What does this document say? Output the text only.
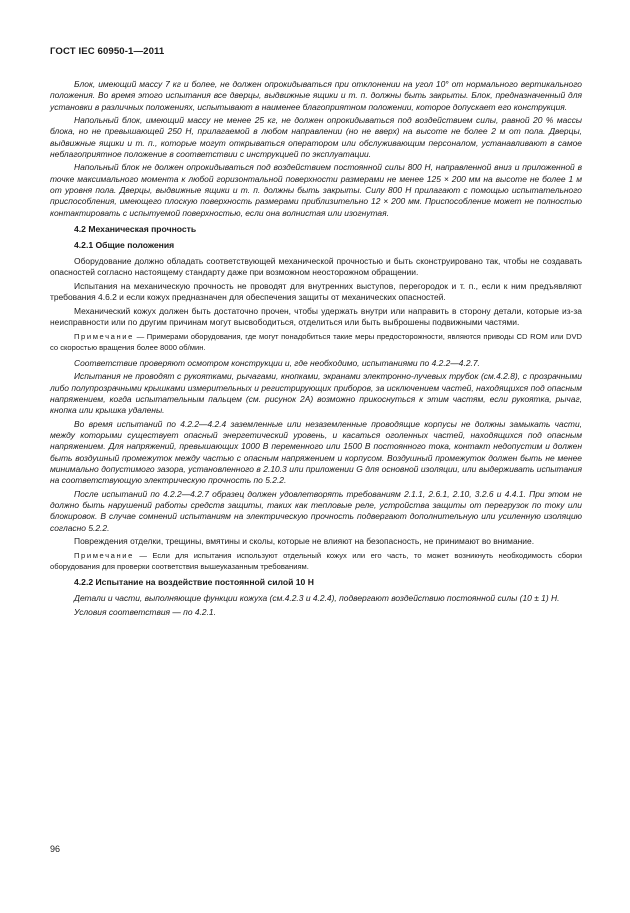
ГОСТ IEC 60950-1—2011

Блок, имеющий массу 7 кг и более, не должен опрокидываться при отклонении на угол 10° от нормального вертикального положения. Во время этого испытания все дверцы, выдвижные ящики и т. п. должны быть закрыты. Блок, предназначенный для установки в различных положениях, испытывают в наименее благоприятном положении, которое допускает его конструкция.

Напольный блок, имеющий массу не менее 25 кг, не должен опрокидываться под воздействием силы, равной 20 % массы блока, но не превышающей 250 Н, прилагаемой в любом направлении (но не вверх) на высоте не более 2 м от пола. Дверцы, выдвижные ящики и т. п., которые могут открываться оператором или обслуживающим персоналом, устанавливают в самое неблагоприятное положение в соответствии с инструкцией по эксплуатации.

Напольный блок не должен опрокидываться под воздействием постоянной силы 800 Н, направленной вниз и приложенной в точке максимального момента к любой горизонтальной поверхности размерами не менее 125 × 200 мм на высоте не более 1 м от уровня пола. Дверцы, выдвижные ящики и т. п. должны быть закрыты. Силу 800 Н прилагают с помощью испытательного приспособления, имеющего плоскую поверхность размерами приблизительно 12 × 200 мм. Приспособление может не полностью контактировать с испытуемой поверхностью, если она волнистая или изогнутая.

4.2 Механическая прочность
4.2.1 Общие положения

Оборудование должно обладать соответствующей механической прочностью и быть сконструировано так, чтобы не создавать опасностей согласно настоящему стандарту даже при возможном неосторожном обращении.

Испытания на механическую прочность не проводят для внутренних выступов, перегородок и т. п., если к ним предъявляют требования 4.6.2 и если кожух предназначен для обеспечения защиты от механических опасностей.

Механический кожух должен быть достаточно прочен, чтобы удержать внутри или направить в сторону детали, которые из-за неисправности или по другим причинам могут высвободиться, отделиться или быть выброшены подвижными частями.

Примечание — Примерами оборудования, где могут понадобиться такие меры предосторожности, являются приводы CD ROM или DVD со скоростью вращения более 8000 об/мин.

Соответствие проверяют осмотром конструкции и, где необходимо, испытаниями по 4.2.2—4.2.7.

Испытания не проводят с рукоятками, рычагами, кнопками, экранами электронно-лучевых трубок (см.4.2.8), с прозрачными либо полупрозрачными крышками измерительных и регистрирующих приборов, за исключением частей, находящихся под опасным напряжением, когда испытательным пальцем (см. рисунок 2А) возможно прикоснуться к этим частям, если рукоятка, рычаг, кнопка или крышка удалены.

Во время испытаний по 4.2.2—4.2.4 заземленные или незаземленные проводящие корпусы не должны замыкать части, между которыми существует опасный энергетический уровень, и касаться оголенных частей, находящихся под опасным напряжением. Для напряжений, превышающих 1000 В переменного или 1500 В постоянного тока, контакт недопустим и должен быть воздушный промежуток между частью с опасным напряжением и корпусом. Воздушный промежуток должен быть не менее минимально допустимого зазора, установленного в 2.10.3 или приложении G для основной изоляции, или выдерживать испытания на соответствующую электрическую прочность по 5.2.2.

После испытаний по 4.2.2—4.2.7 образец должен удовлетворять требованиям 2.1.1, 2.6.1, 2.10, 3.2.6 и 4.4.1. При этом не должно быть нарушений работы средств защиты, таких как тепловые реле, устройства защиты от перегрузок по току или блокировок. В случае сомнений испытаниям на электрическую прочность подвергают дополнительную или усиленную изоляцию согласно 5.2.2.

Повреждения отделки, трещины, вмятины и сколы, которые не влияют на безопасность, не принимают во внимание.

Примечание — Если для испытания используют отдельный кожух или его часть, то может возникнуть необходимость сборки оборудования для проверки соответствия вышеуказанным требованиям.

4.2.2 Испытание на воздействие постоянной силой 10 Н

Детали и части, выполняющие функции кожуха (см.4.2.3 и 4.2.4), подвергают воздействию постоянной силы (10 ± 1) Н.

Условия соответствия — по 4.2.1.

96
